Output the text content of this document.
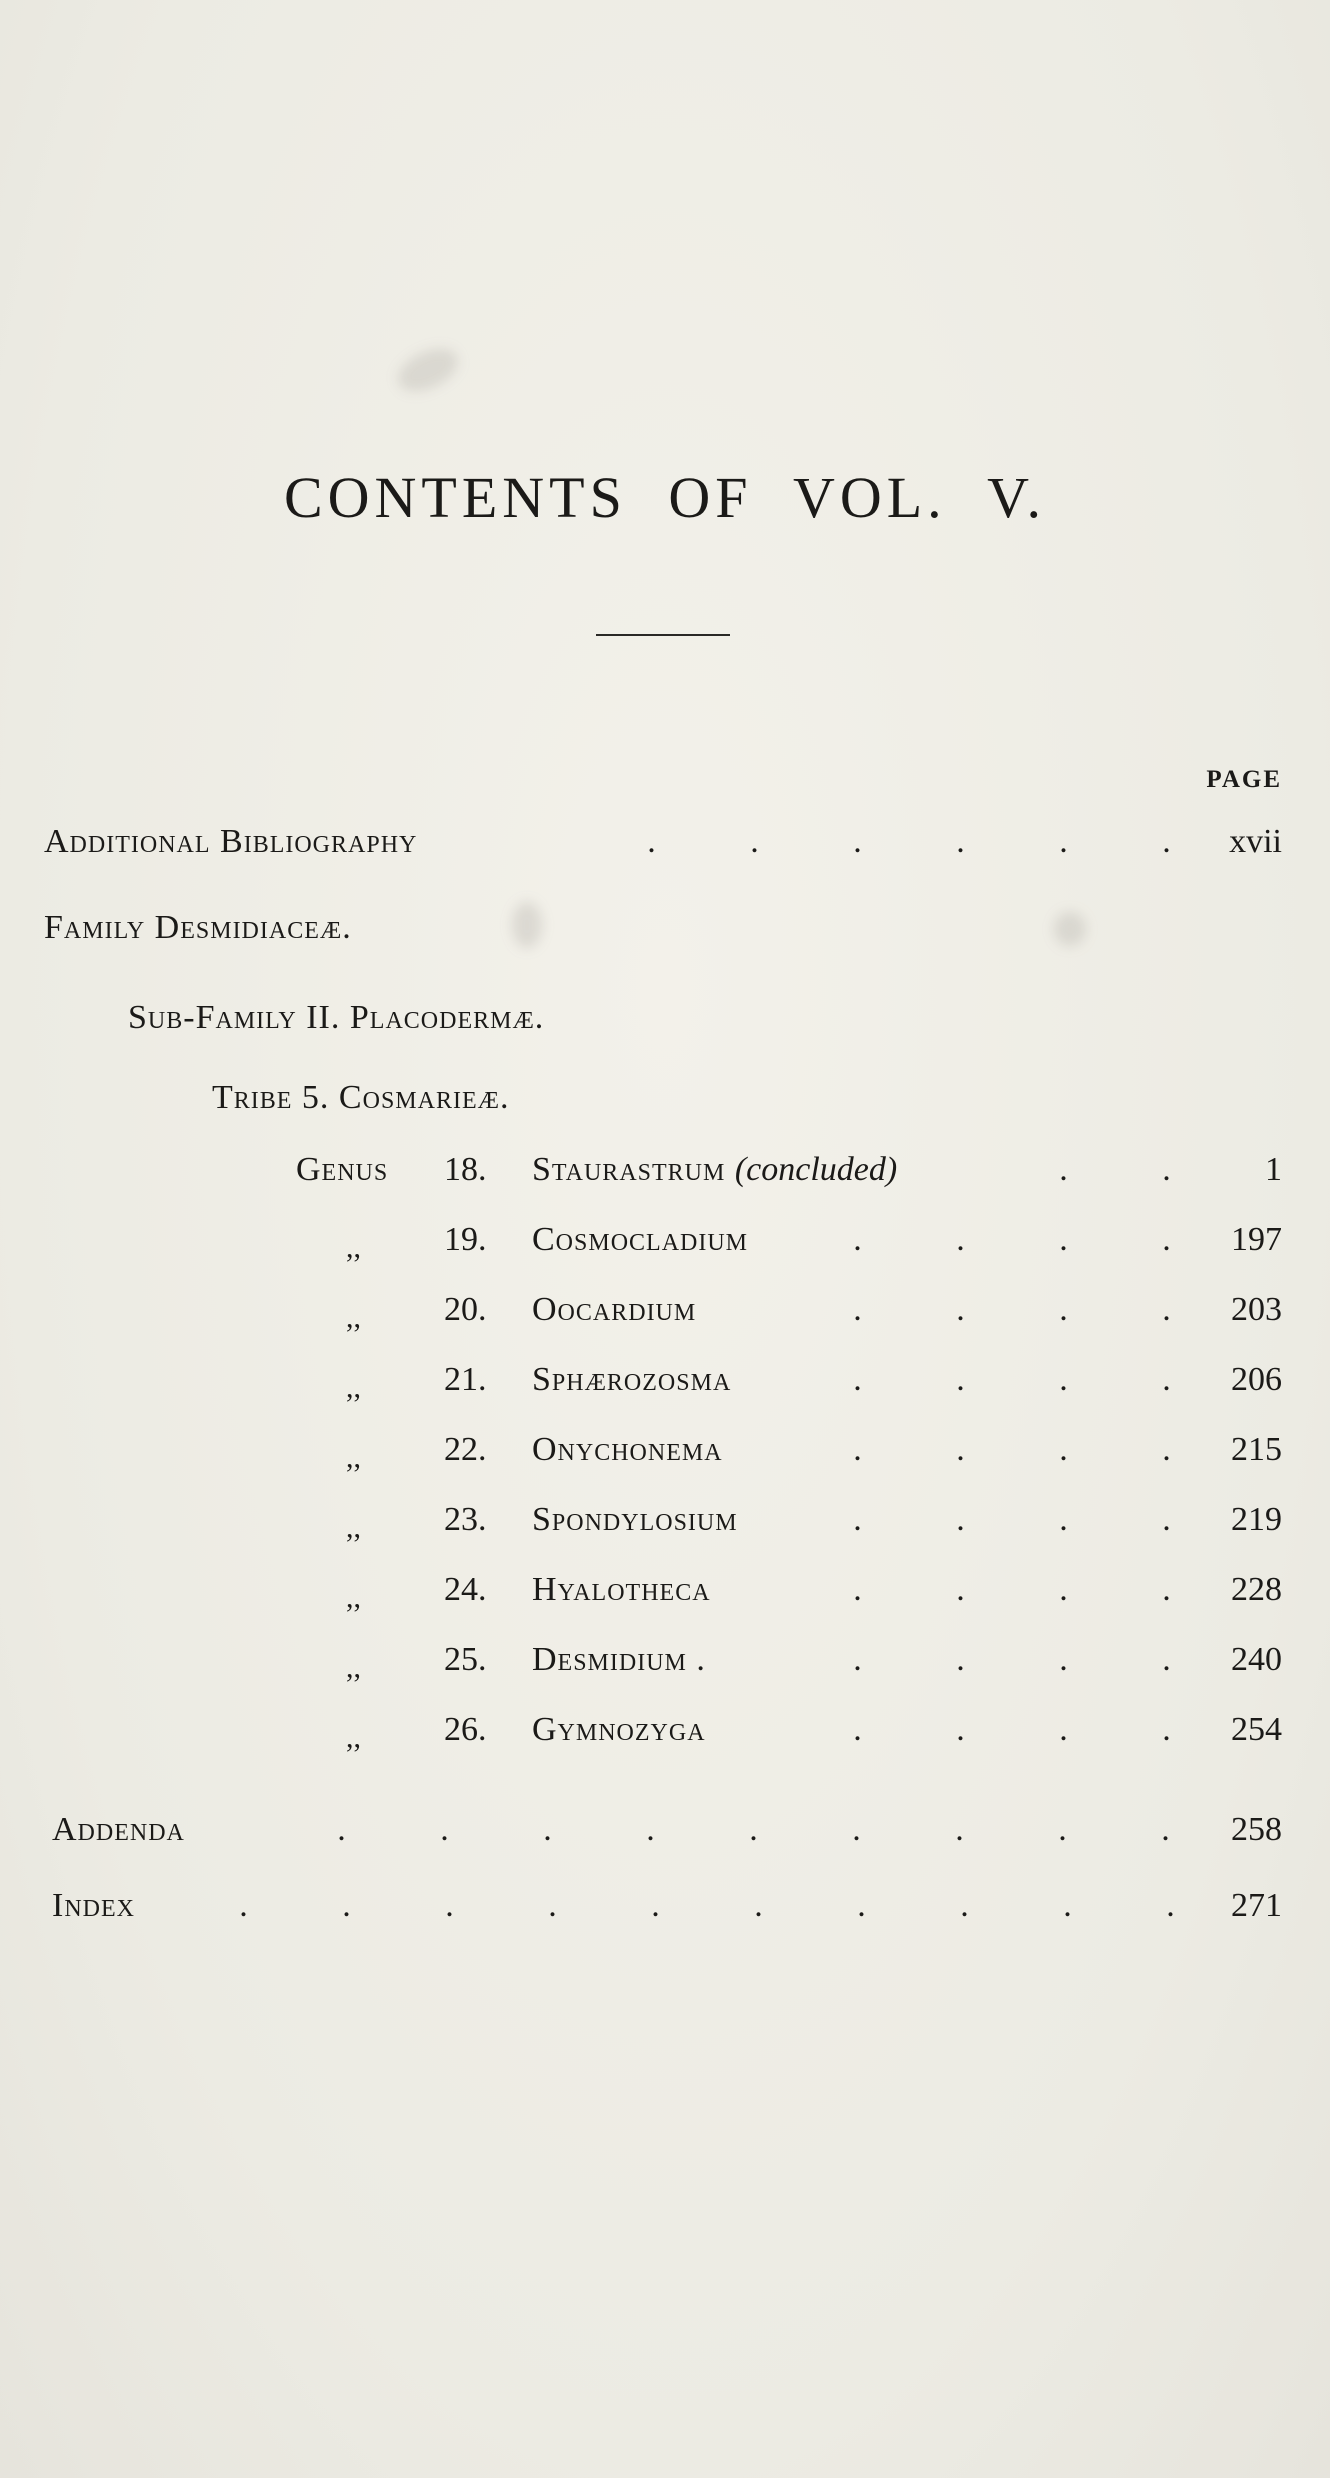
CONTENTS OF VOL. V.
PAGE
Additional Bibliography	.	.	.	.	.	.	xvii
Family Desmidiaceæ.
Sub-Family II. Placodermæ.
Tribe 5. Cosmarieæ.
Genus 18. Staurastrum (concluded)	.	.	1
,, 19. Cosmocladium	.	.	.	.	197
,, 20. Oocardium	.	.	.	.	203
,, 21. Sphærozosma	.	.	.	.	206
,, 22. Onychonema	.	.	.	.	215
,, 23. Spondylosium	.	.	.	.	219
,, 24. Hyalotheca	.	.	.	.	228
,, 25. Desmidium .	.	.	.	.	240
,, 26. Gymnozyga	.	.	.	.	254
Addenda	.	.	.	.	.	.	.	.	.	258
Index	.	.	.	.	.	.	.	.	.	.	271
